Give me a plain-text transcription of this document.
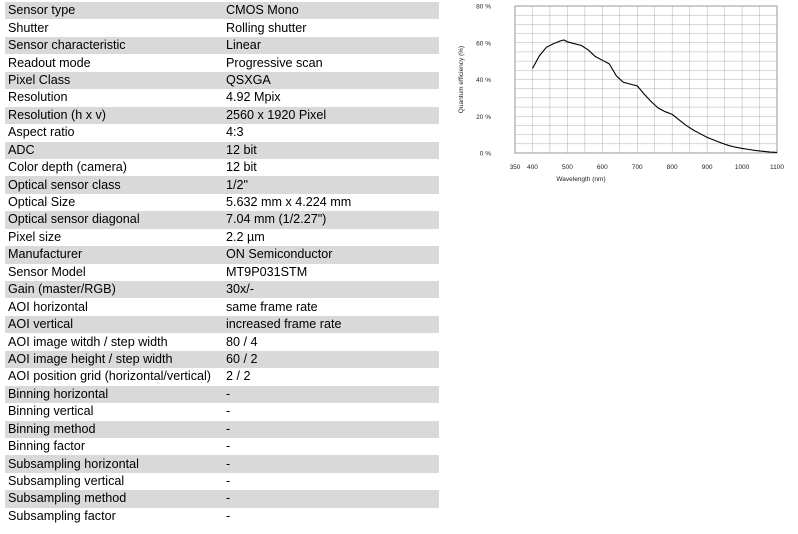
Sensor type	CMOS Mono
Shutter	Rolling shutter
Sensor characteristic	Linear
Readout mode	Progressive scan
Pixel Class	QSXGA
Resolution	4.92 Mpix
Resolution (h x v)	2560 x 1920 Pixel
Aspect ratio	4:3
ADC	12 bit
Color depth (camera)	12 bit
Optical sensor class	1/2"
Optical Size	5.632 mm x 4.224 mm
Optical sensor diagonal	7.04 mm (1/2.27")
Pixel size	2.2 µm
Manufacturer	ON Semiconductor
Sensor Model	MT9P031STM
Gain (master/RGB)	30x/-
AOI horizontal	same frame rate
AOI vertical	increased frame rate
AOI image witdh / step width	80 / 4
AOI image height / step width	60 / 2
AOI position grid (horizontal/vertical)	2 / 2
Binning horizontal	-
Binning vertical	-
Binning method	-
Binning factor	-
Subsampling horizontal	-
Subsampling vertical	-
Subsampling method	-
Subsampling factor	-
350 400	500	600	700	800	900	1000	1100
0 %
20 %
40 %
60 %
80 %
Wavelength (nm)
Quantum efficiency (%)
